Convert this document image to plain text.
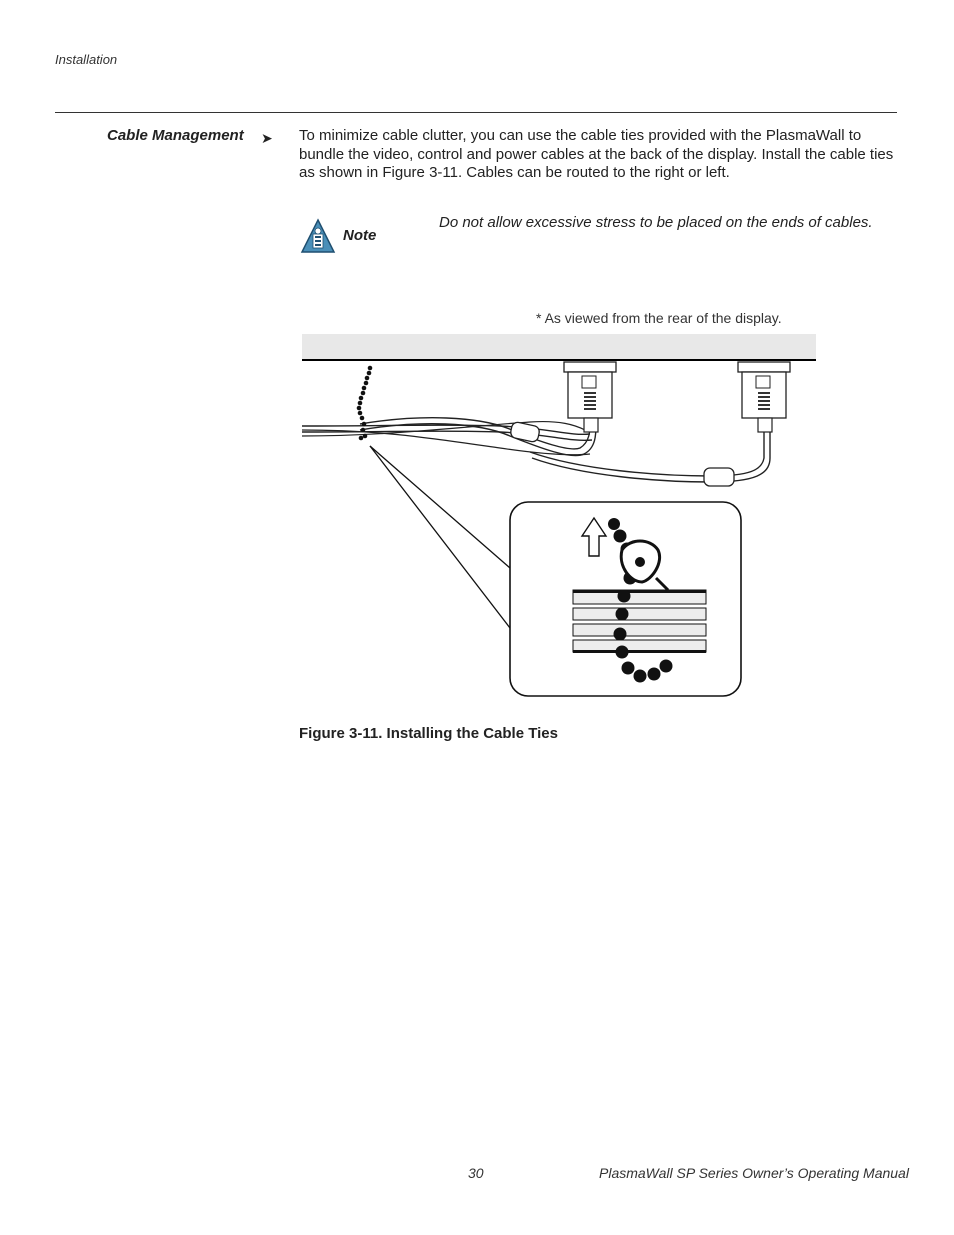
Installation
Cable Management ➤ To minimize cable clutter, you can use the cable ties provided with the PlasmaWall to bundle the video, control and power cables at the back of the display. Install the cable ties as shown in Figure 3-11. Cables can be routed to the right or left.
Note
Do not allow excessive stress to be placed on the ends of cables.
* As viewed from the rear of the display.
Figure 3-11. Installing the Cable Ties
30	PlasmaWall SP Series Owner’s Operating Manual
